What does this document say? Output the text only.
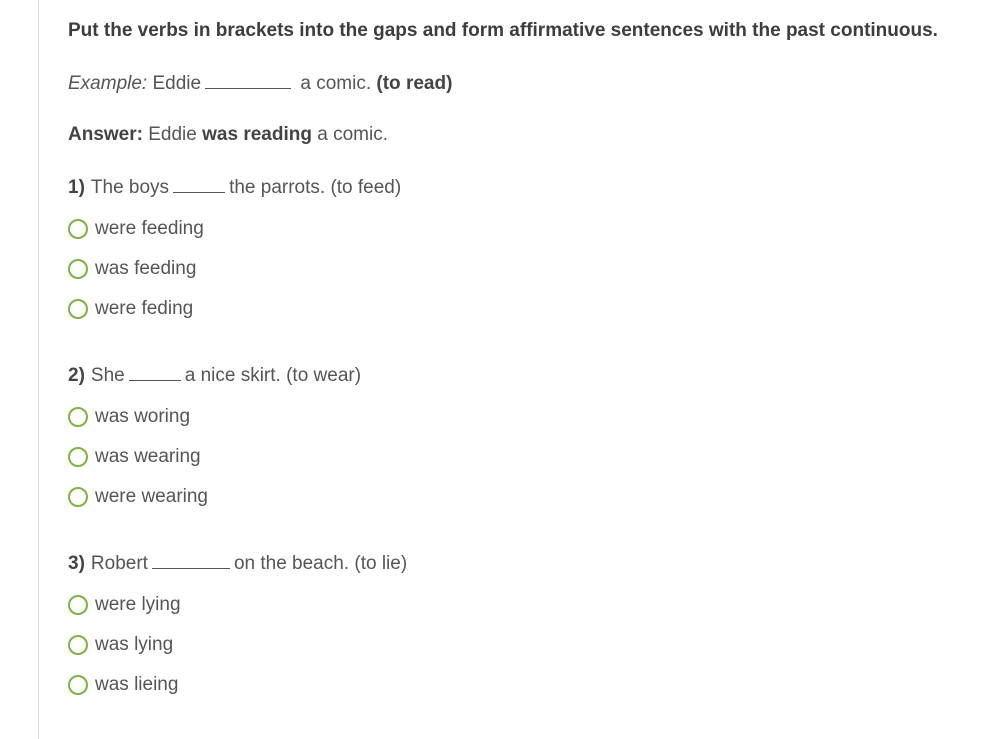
Put the verbs in brackets into the gaps and form affirmative sentences with the past continuous.

Example: Eddie	a comic. (to read)
Answer: Eddie was reading a comic.
1) The boys	the parrots. (to feed)
were feeding
was feeding
were feding
2) She	a nice skirt. (to wear)
was woring
was wearing
were wearing
3) Robert	on the beach. (to lie)
were lying
was lying
was lieing
